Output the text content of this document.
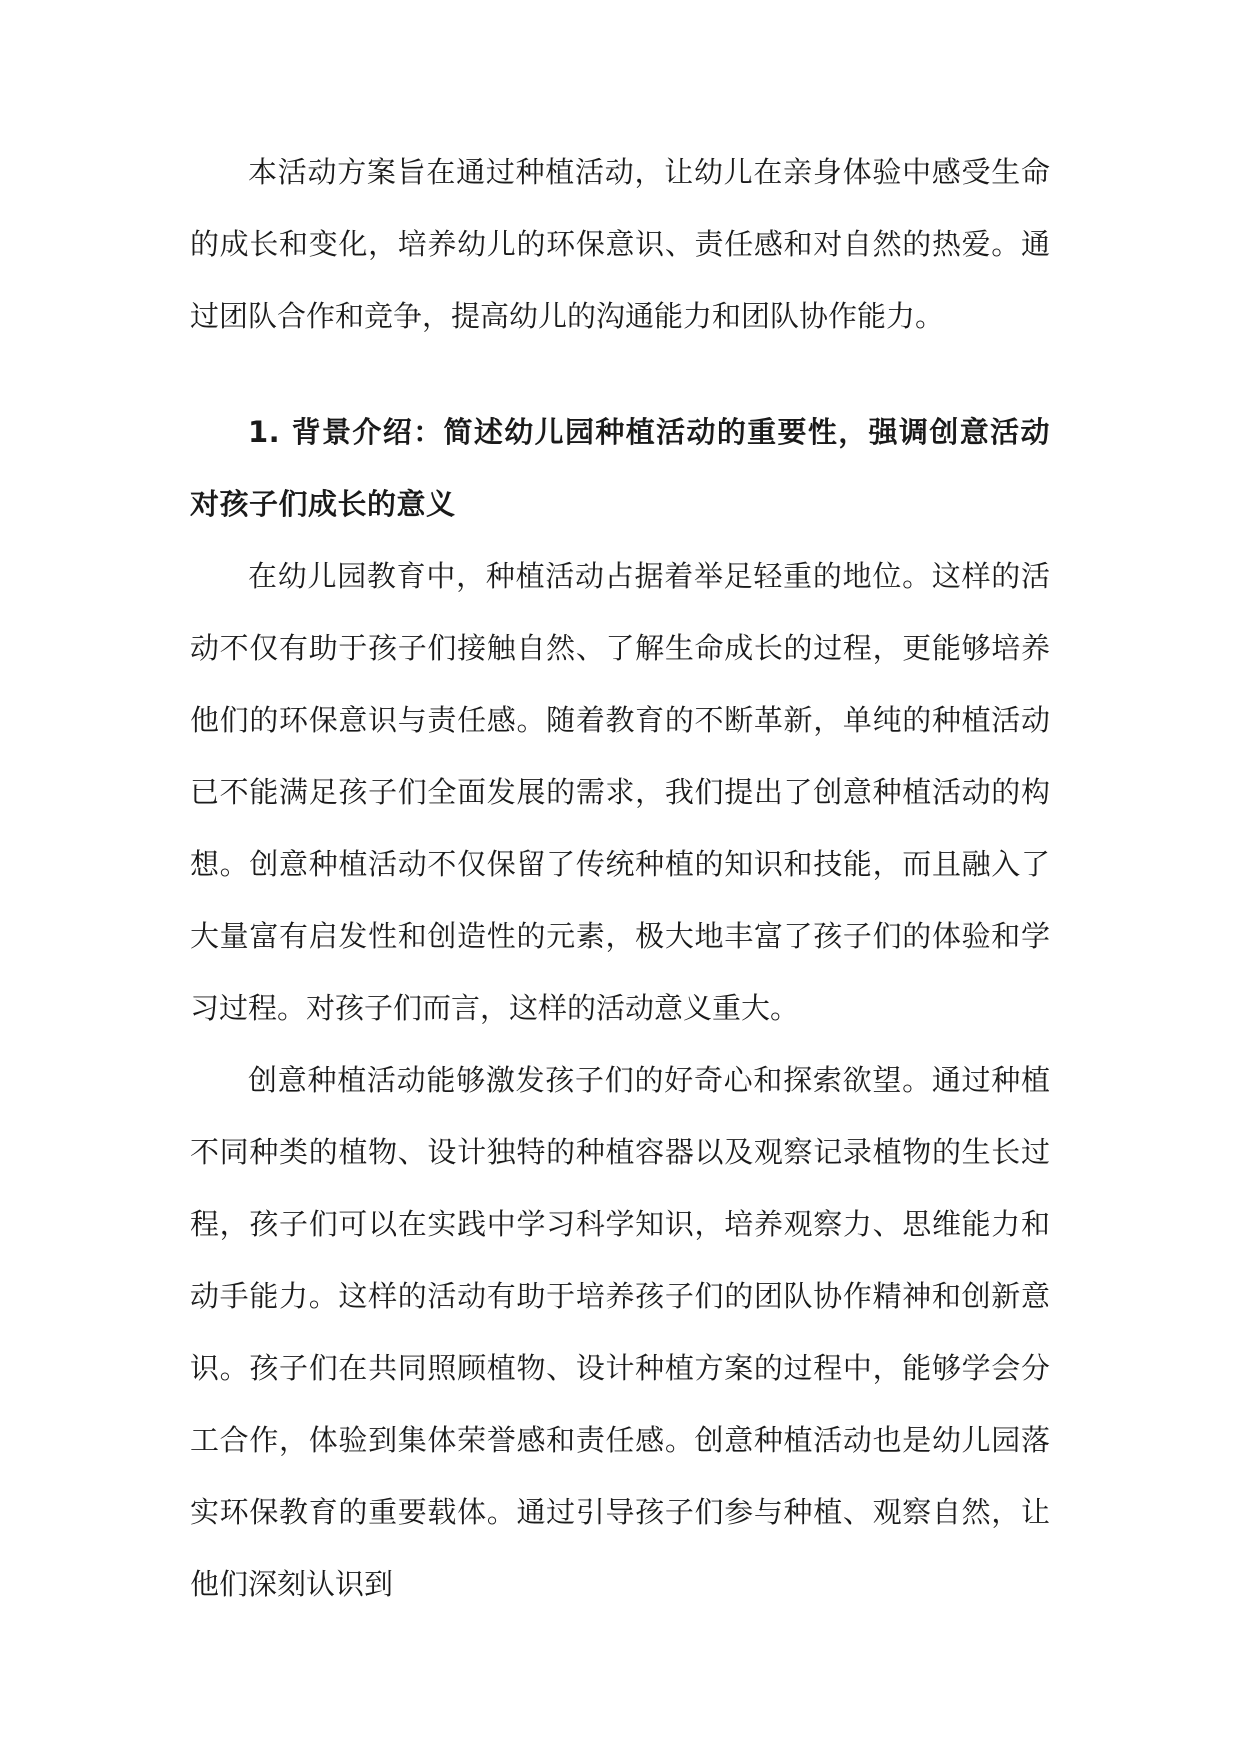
本活动方案旨在通过种植活动，让幼儿在亲身体验中感受生命的成长和变化，培养幼儿的环保意识、责任感和对自然的热爱。通过团队合作和竞争，提高幼儿的沟通能力和团队协作能力。

1. 背景介绍：简述幼儿园种植活动的重要性，强调创意活动对孩子们成长的意义

在幼儿园教育中，种植活动占据着举足轻重的地位。这样的活动不仅有助于孩子们接触自然、了解生命成长的过程，更能够培养他们的环保意识与责任感。随着教育的不断革新，单纯的种植活动已不能满足孩子们全面发展的需求，我们提出了创意种植活动的构想。创意种植活动不仅保留了传统种植的知识和技能，而且融入了大量富有启发性和创造性的元素，极大地丰富了孩子们的体验和学习过程。对孩子们而言，这样的活动意义重大。

创意种植活动能够激发孩子们的好奇心和探索欲望。通过种植不同种类的植物、设计独特的种植容器以及观察记录植物的生长过程，孩子们可以在实践中学习科学知识，培养观察力、思维能力和动手能力。这样的活动有助于培养孩子们的团队协作精神和创新意识。孩子们在共同照顾植物、设计种植方案的过程中，能够学会分工合作，体验到集体荣誉感和责任感。创意种植活动也是幼儿园落实环保教育的重要载体。通过引导孩子们参与种植、观察自然，让他们深刻认识到
